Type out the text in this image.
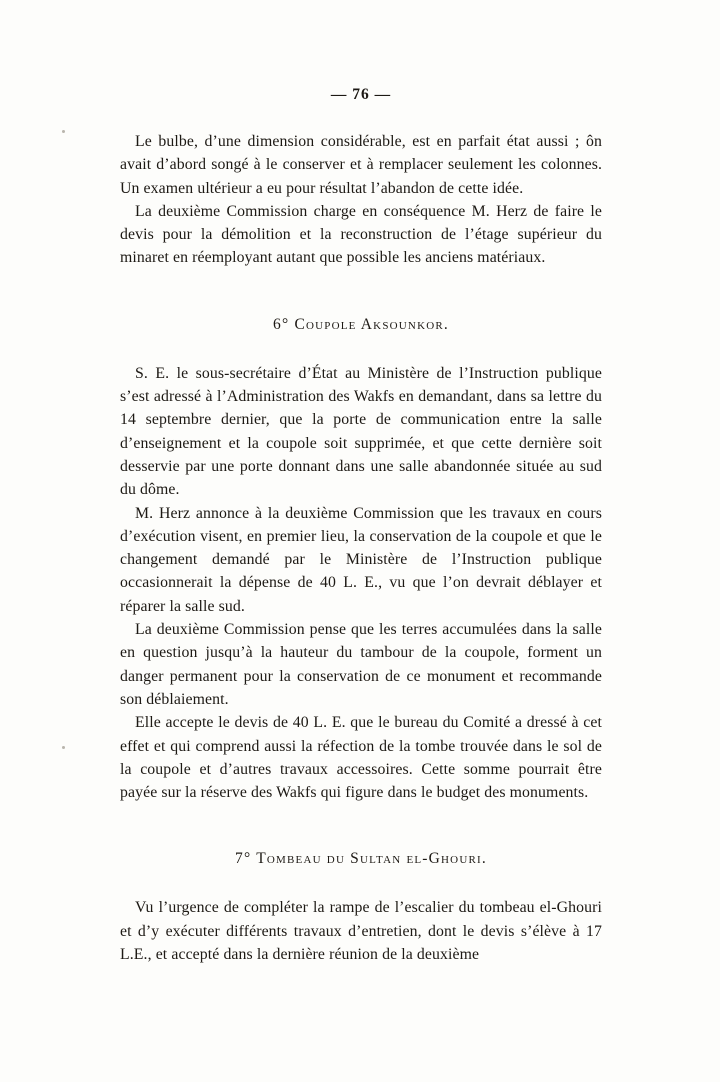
— 76 —

Le bulbe, d’une dimension considérable, est en parfait état aussi ; ôn avait d’abord songé à le conserver et à remplacer seulement les colonnes. Un examen ultérieur a eu pour résultat l’abandon de cette idée.

La deuxième Commission charge en conséquence M. Herz de faire le devis pour la démolition et la reconstruction de l’étage supérieur du minaret en réemployant autant que possible les anciens matériaux.

6° Coupole Aksounkor.

S. E. le sous-secrétaire d’État au Ministère de l’Instruction publique s’est adressé à l’Administration des Wakfs en demandant, dans sa lettre du 14 septembre dernier, que la porte de communication entre la salle d’enseignement et la coupole soit supprimée, et que cette dernière soit desservie par une porte donnant dans une salle abandonnée située au sud du dôme.

M. Herz annonce à la deuxième Commission que les travaux en cours d’exécution visent, en premier lieu, la conservation de la coupole et que le changement demandé par le Ministère de l’Instruction publique occasionnerait la dépense de 40 L. E., vu que l’on devrait déblayer et réparer la salle sud.

La deuxième Commission pense que les terres accumulées dans la salle en question jusqu’à la hauteur du tambour de la coupole, forment un danger permanent pour la conservation de ce monument et recommande son déblaiement.

Elle accepte le devis de 40 L. E. que le bureau du Comité a dressé à cet effet et qui comprend aussi la réfection de la tombe trouvée dans le sol de la coupole et d’autres travaux accessoires. Cette somme pourrait être payée sur la réserve des Wakfs qui figure dans le budget des monuments.

7° Tombeau du Sultan el-Ghouri.

Vu l’urgence de compléter la rampe de l’escalier du tombeau el-Ghouri et d’y exécuter différents travaux d’entretien, dont le devis s’élève à 17 L.E., et accepté dans la dernière réunion de la deuxième
